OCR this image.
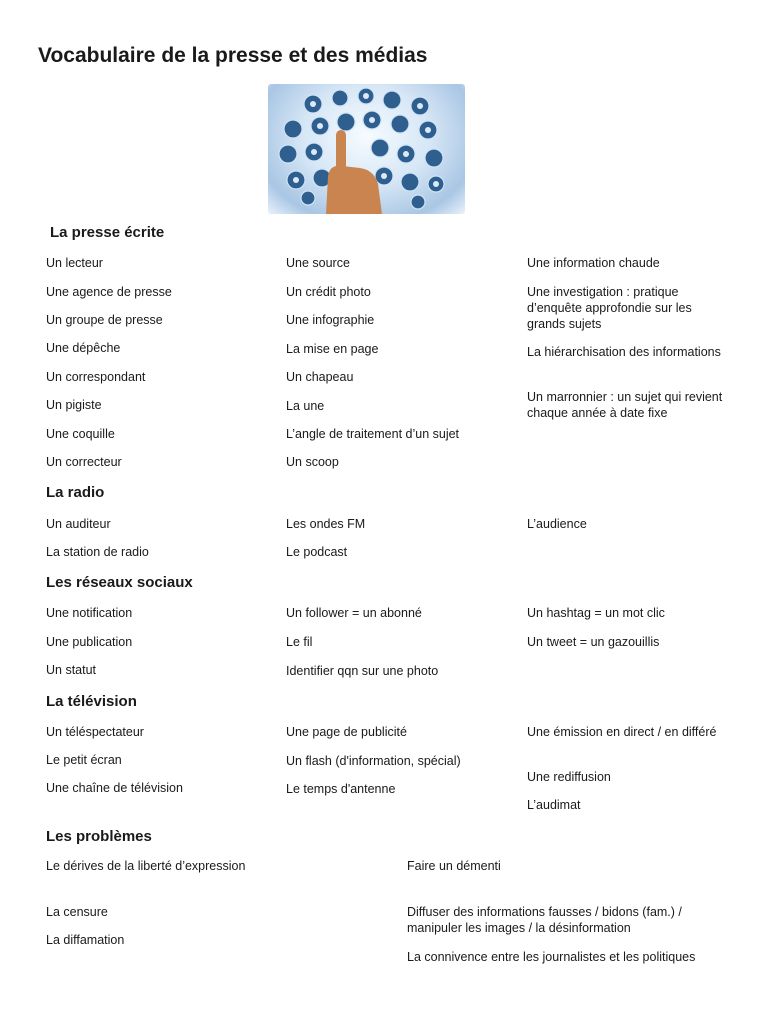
Vocabulaire de la presse et des médias
La presse écrite
Un lecteur
Une agence de presse
Un groupe de presse
Une dépêche
Un correspondant
Un pigiste
Une coquille
Un correcteur
Une source
Un crédit photo
Une infographie
La mise en page
Un chapeau
La une
L’angle de traitement d’un sujet
Un scoop
Une information chaude
Une investigation : pratique d’enquête approfondie sur les grands sujets
La hiérarchisation des informations
Un marronnier : un sujet qui revient chaque année à date fixe
La radio
Un auditeur
La station de radio
Les ondes FM
Le podcast
L’audience
Les réseaux sociaux
Une notification
Une publication
Un statut
Un follower = un abonné
Le fil
Identifier qqn sur une photo
Un hashtag = un mot clic
Un tweet = un gazouillis
La télévision
Un téléspectateur
Le petit écran
Une chaîne de télévision
Une page de publicité
Un flash (d'information, spécial)
Le temps d'antenne
Une émission en direct / en différé
Une rediffusion
L’audimat
Les problèmes
Le dérives de la liberté d’expression
La censure
La diffamation
Faire un démenti
Diffuser des informations fausses / bidons (fam.) / manipuler les images / la désinformation
La connivence entre les journalistes et les politiques
